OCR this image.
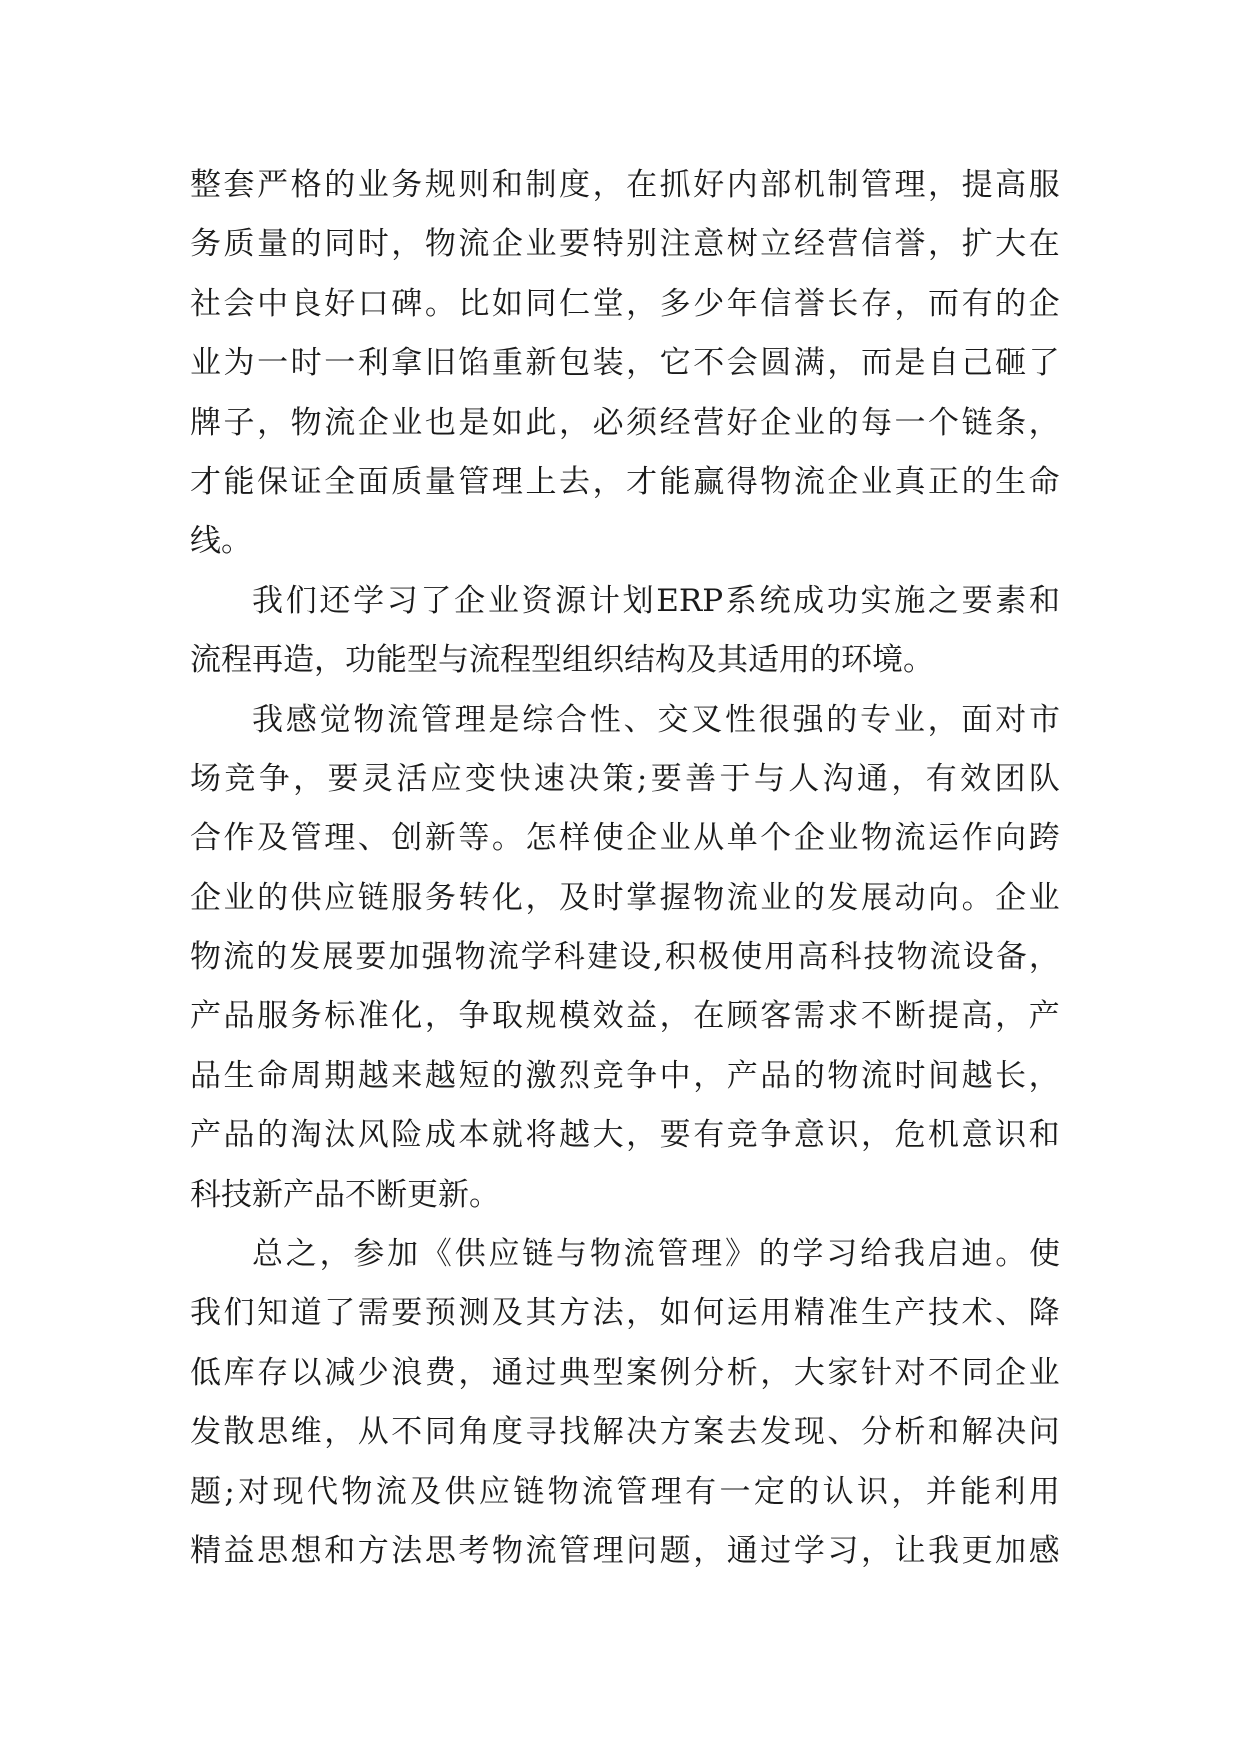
整 套 严 格 的 业 务 规 则 和 制 度 ， 在 抓 好 内 部 机 制 管 理 ， 提 高 服
务 质 量 的 同 时 ， 物 流 企 业 要 特 别 注 意 树 立 经 营 信 誉 ， 扩 大 在
社 会 中 良 好 口 碑 。 比 如 同 仁 堂 ， 多 少 年 信 誉 长 存 ， 而 有 的 企
业 为 一 时 一 利 拿 旧 馅 重 新 包 装 ， 它 不 会 圆 满 ， 而 是 自 己 砸 了
牌 子 ， 物 流 企 业 也 是 如 此 ， 必 须 经 营 好 企 业 的 每 一 个 链 条 ，
才 能 保 证 全 面 质 量 管 理 上 去 ， 才 能 赢 得 物 流 企 业 真 正 的 生 命
线。
我 们 还 学 习 了 企 业 资 源 计 划 ERP 系 统 成 功 实 施 之 要 素 和
流程再造，功能型与流程型组织结构及其适用的环境。
我 感 觉 物 流 管 理 是 综 合 性 、 交 叉 性 很 强 的 专 业 ， 面 对 市
场 竞 争 ， 要 灵 活 应 变 快 速 决 策 ; 要 善 于 与 人 沟 通 ， 有 效 团 队
合 作 及 管 理 、 创 新 等 。 怎 样 使 企 业 从 单 个 企 业 物 流 运 作 向 跨
企 业 的 供 应 链 服 务 转 化 ， 及 时 掌 握 物 流 业 的 发 展 动 向 。 企 业
物 流 的 发 展 要 加 强 物 流 学 科 建 设 , 积 极 使 用 高 科 技 物 流 设 备 ，
产 品 服 务 标 准 化 ， 争 取 规 模 效 益 ， 在 顾 客 需 求 不 断 提 高 ， 产
品 生 命 周 期 越 来 越 短 的 激 烈 竞 争 中 ， 产 品 的 物 流 时 间 越 长 ，
产 品 的 淘 汰 风 险 成 本 就 将 越 大 ， 要 有 竞 争 意 识 ， 危 机 意 识 和
科技新产品不断更新。
总 之 ， 参 加 《 供 应 链 与 物 流 管 理 》 的 学 习 给 我 启 迪 。 使
我 们 知 道 了 需 要 预 测 及 其 方 法 ， 如 何 运 用 精 准 生 产 技 术 、 降
低 库 存 以 减 少 浪 费 ， 通 过 典 型 案 例 分 析 ， 大 家 针 对 不 同 企 业
发 散 思 维 ， 从 不 同 角 度 寻 找 解 决 方 案 去 发 现 、 分 析 和 解 决 问
题 ; 对 现 代 物 流 及 供 应 链 物 流 管 理 有 一 定 的 认 识 ， 并 能 利 用
精 益 思 想 和 方 法 思 考 物 流 管 理 问 题 ， 通 过 学 习 ， 让 我 更 加 感
